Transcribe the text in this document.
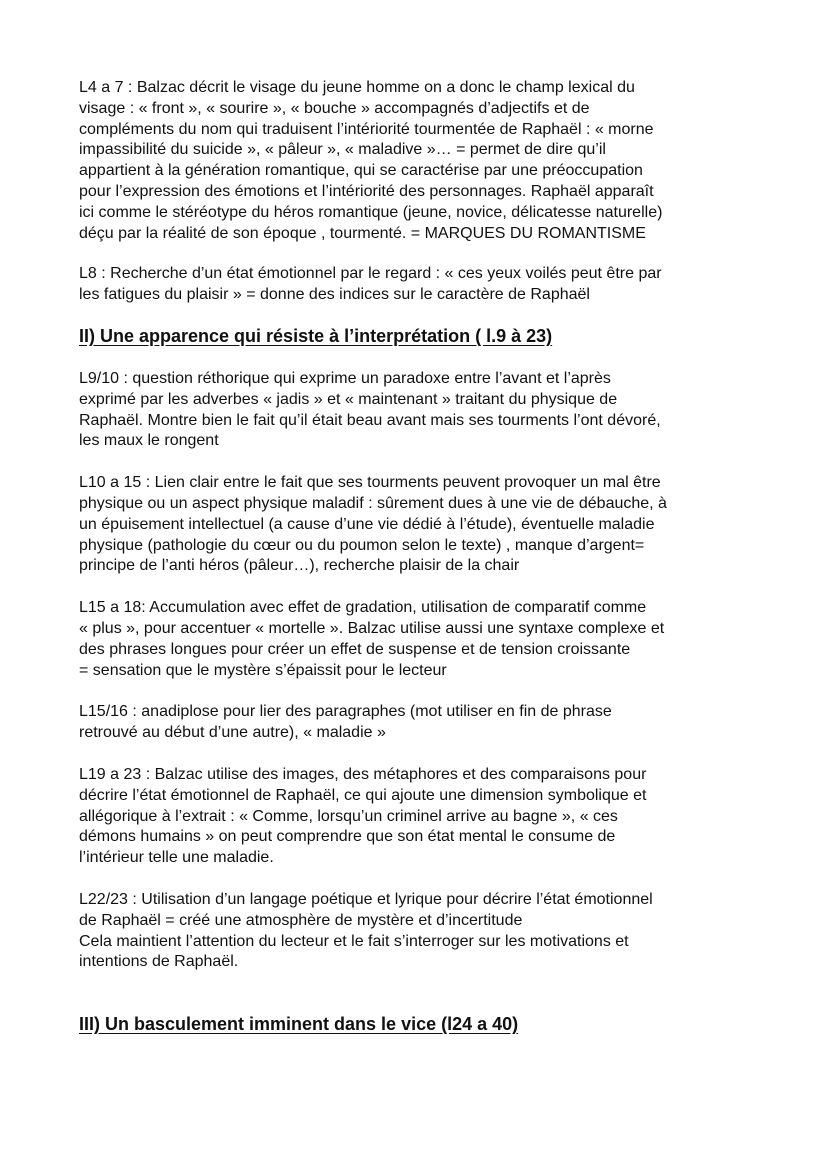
L4 a 7 : Balzac décrit le visage du jeune homme on a donc le champ lexical du
visage : « front », « sourire », « bouche » accompagnés d’adjectifs et de
compléments du nom qui traduisent l’intériorité tourmentée de Raphaël : « morne
impassibilité du suicide », « pâleur », « maladive »… = permet de dire qu’il
appartient à la génération romantique, qui se caractérise par une préoccupation
pour l’expression des émotions et l’intériorité des personnages. Raphaël apparaît
ici comme le stéréotype du héros romantique (jeune, novice, délicatesse naturelle)
déçu par la réalité de son époque , tourmenté. = MARQUES DU ROMANTISME

L8 : Recherche d’un état émotionnel par le regard : « ces yeux voilés peut être par
les fatigues du plaisir » = donne des indices sur le caractère de Raphaël

II) Une apparence qui résiste à l’interprétation ( l.9 à 23)

L9/10 : question réthorique qui exprime un paradoxe entre l’avant et l’après
exprimé par les adverbes « jadis » et « maintenant » traitant du physique de
Raphaël. Montre bien le fait qu’il était beau avant mais ses tourments l’ont dévoré,
les maux le rongent

L10 a 15 : Lien clair entre le fait que ses tourments peuvent provoquer un mal être
physique ou un aspect physique maladif : sûrement dues à une vie de débauche, à
un épuisement intellectuel (a cause d’une vie dédié à l’étude), éventuelle maladie
physique (pathologie du cœur ou du poumon selon le texte) , manque d’argent=
principe de l’anti héros (pâleur…), recherche plaisir de la chair

L15 a 18: Accumulation avec effet de gradation, utilisation de comparatif comme
« plus », pour accentuer « mortelle ». Balzac utilise aussi une syntaxe complexe et
des phrases longues pour créer un effet de suspense et de tension croissante
= sensation que le mystère s’épaissit pour le lecteur

L15/16 : anadiplose pour lier des paragraphes (mot utiliser en fin de phrase
retrouvé au début d’une autre), « maladie »

L19 a 23 : Balzac utilise des images, des métaphores et des comparaisons pour
décrire l’état émotionnel de Raphaël, ce qui ajoute une dimension symbolique et
allégorique à l’extrait : « Comme, lorsqu’un criminel arrive au bagne », « ces
démons humains » on peut comprendre que son état mental le consume de
l’intérieur telle une maladie.

L22/23 : Utilisation d’un langage poétique et lyrique pour décrire l’état émotionnel
de Raphaël = créé une atmosphère de mystère et d’incertitude
Cela maintient l’attention du lecteur et le fait s’interroger sur les motivations et
intentions de Raphaël.

III) Un basculement imminent dans le vice (l24 a 40)
